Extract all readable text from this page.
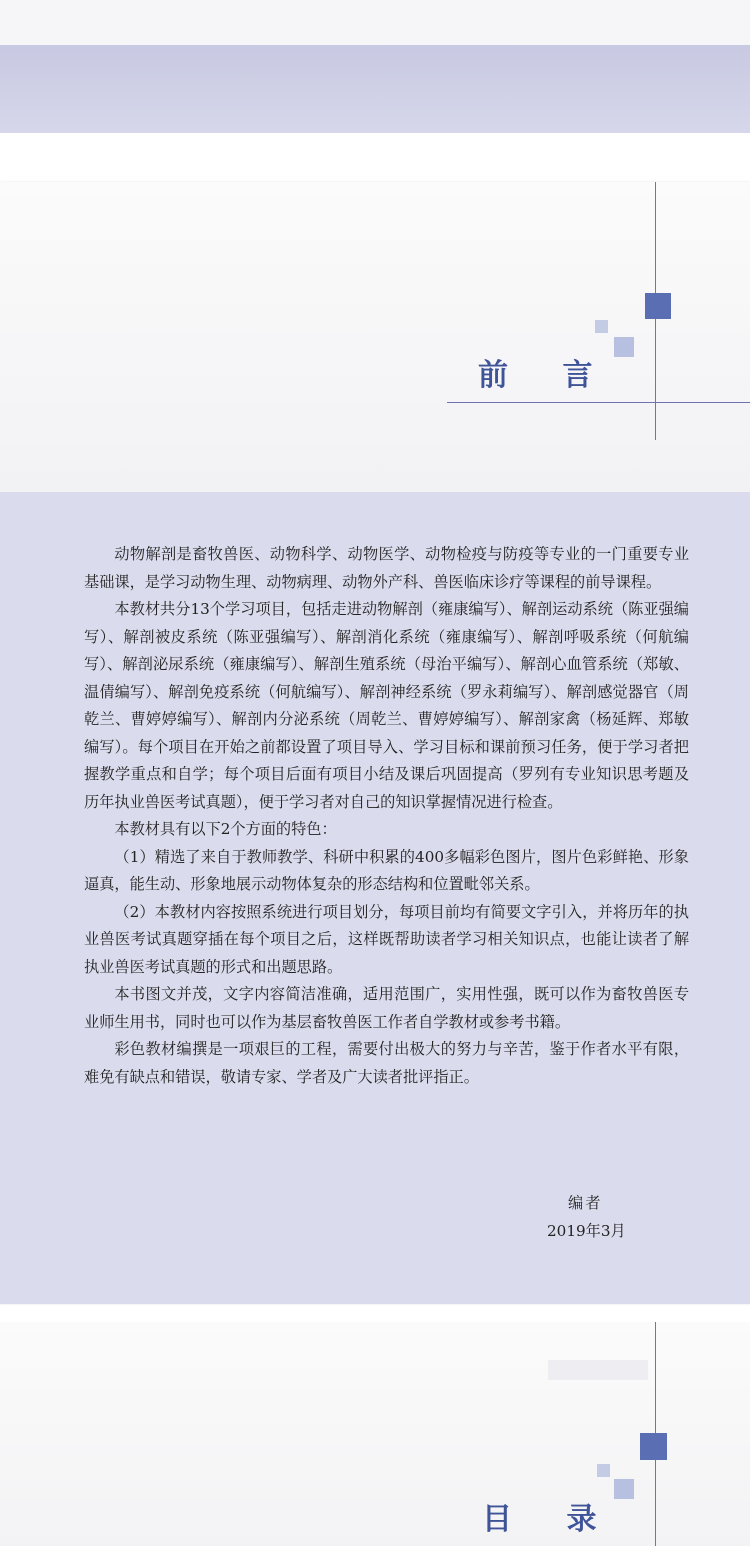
前 言

动物解剖是畜牧兽医、动物科学、动物医学、动物检疫与防疫等专业的一门重要专业基础课，是学习动物生理、动物病理、动物外产科、兽医临床诊疗等课程的前导课程。

本教材共分13个学习项目，包括走进动物解剖（雍康编写）、解剖运动系统（陈亚强编写）、解剖被皮系统（陈亚强编写）、解剖消化系统（雍康编写）、解剖呼吸系统（何航编写）、解剖泌尿系统（雍康编写）、解剖生殖系统（母治平编写）、解剖心血管系统（郑敏、温倩编写）、解剖免疫系统（何航编写）、解剖神经系统（罗永莉编写）、解剖感觉器官（周乾兰、曹婷婷编写）、解剖内分泌系统（周乾兰、曹婷婷编写）、解剖家禽（杨延辉、郑敏编写）。每个项目在开始之前都设置了项目导入、学习目标和课前预习任务，便于学习者把握教学重点和自学；每个项目后面有项目小结及课后巩固提高（罗列有专业知识思考题及历年执业兽医考试真题），便于学习者对自己的知识掌握情况进行检查。

本教材具有以下2个方面的特色：

（1）精选了来自于教师教学、科研中积累的400多幅彩色图片，图片色彩鲜艳、形象逼真，能生动、形象地展示动物体复杂的形态结构和位置毗邻关系。

（2）本教材内容按照系统进行项目划分，每项目前均有简要文字引入，并将历年的执业兽医考试真题穿插在每个项目之后，这样既帮助读者学习相关知识点，也能让读者了解执业兽医考试真题的形式和出题思路。

本书图文并茂，文字内容简洁准确，适用范围广，实用性强，既可以作为畜牧兽医专业师生用书，同时也可以作为基层畜牧兽医工作者自学教材或参考书籍。

彩色教材编撰是一项艰巨的工程，需要付出极大的努力与辛苦，鉴于作者水平有限，难免有缺点和错误，敬请专家、学者及广大读者批评指正。

编者
2019年3月
目 录
